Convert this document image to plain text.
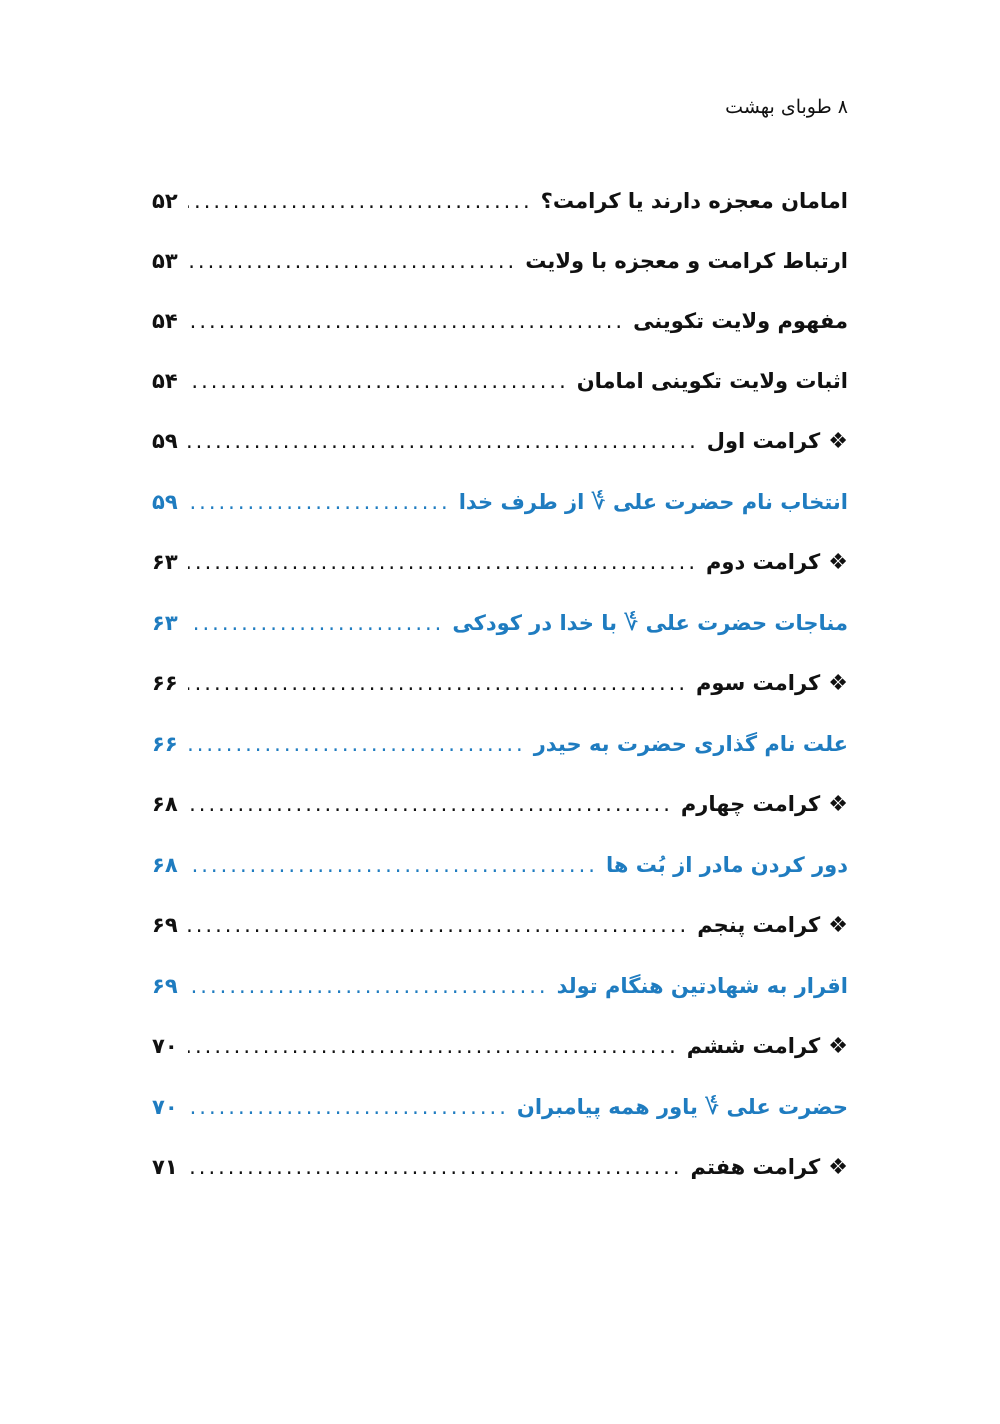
۸ طوبای بهشت
امامان معجزه دارند یا کرامت؟
.....
۵۲
ارتباط کرامت و معجزه با ولایت
.....
۵۳
مفهوم ولایت تکوینی
.....
۵۴
اثبات ولایت تکوینی امامان
.....
۵۴
❖
کرامت اول
.....
۵۹
انتخاب نام حضرت علی ؇ از طرف خدا
.....
۵۹
❖
کرامت دوم
.....
۶۳
مناجات حضرت علی ؇ با خدا در کودکی
.....
۶۳
❖
کرامت سوم
.....
۶۶
علت نام گذاری حضرت به حیدر
.....
۶۶
❖
کرامت چهارم
.....
۶۸
دور کردن مادر از بُت ها
.....
۶۸
❖
کرامت پنجم
.....
۶۹
اقرار به شهادتین هنگام تولد
.....
۶۹
❖
کرامت ششم
.....
۷۰
حضرت علی ؇ یاور همه پیامبران
.....
۷۰
❖
کرامت هفتم
.....
۷۱
